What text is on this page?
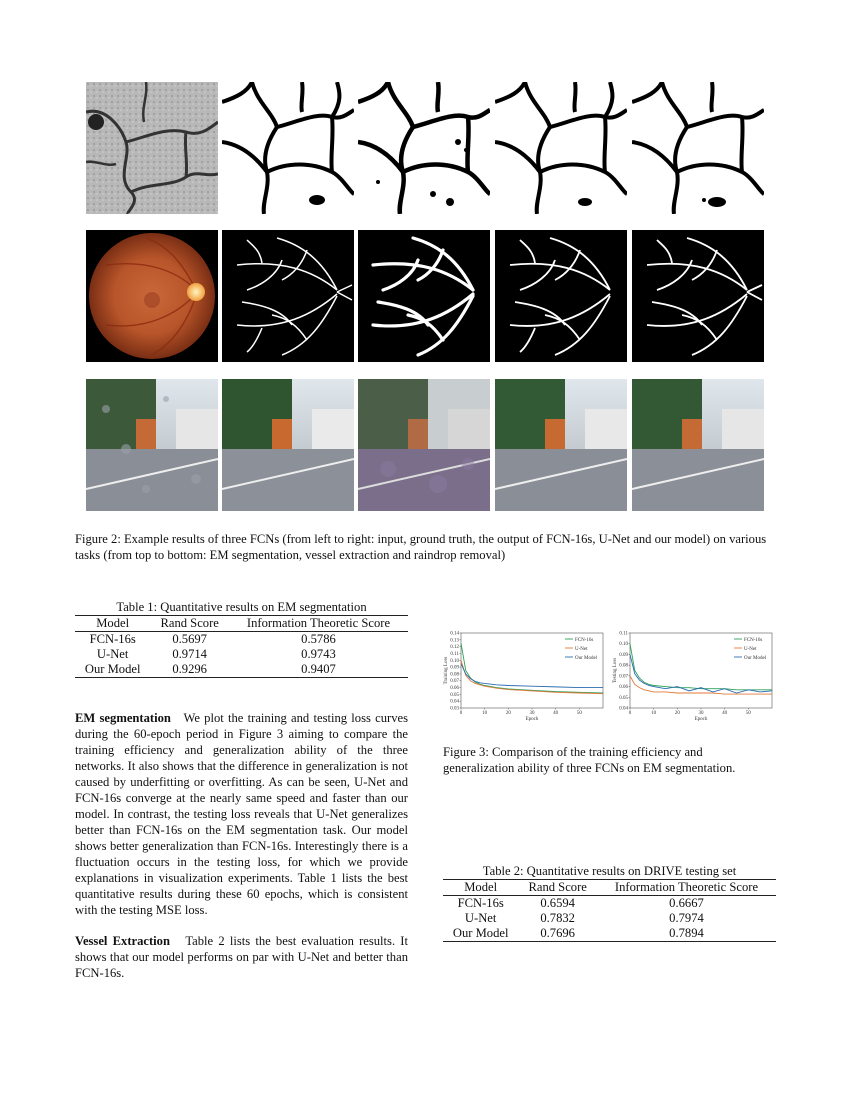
Figure 2: Example results of three FCNs (from left to right: input, ground truth, the output of FCN-16s, U-Net and our model) on various tasks (from top to bottom: EM segmentation, vessel extraction and raindrop removal)
Table 1: Quantitative results on EM segmentation
Model	Rand Score	Information Theoretic Score
FCN-16s	0.5697	0.5786
U-Net	0.9714	0.9743
Our Model	0.9296	0.9407
EM segmentation We plot the training and testing loss curves during the 60-epoch period in Figure 3 aiming to compare the training efficiency and generalization ability of the three networks. It also shows that the difference in generalization is not caused by underfitting or overfitting. As can be seen, U-Net and FCN-16s converge at the nearly same speed and faster than our model. In contrast, the testing loss reveals that U-Net generalizes better than FCN-16s on the EM segmentation task. Our model shows better generalization than FCN-16s. Interestingly there is a fluctuation occurs in the testing loss, for which we provide explanations in visualization experiments. Table 1 lists the best quantitative results during these 60 epochs, which is consistent with the testing MSE loss.
Vessel Extraction Table 2 lists the best evaluation results. It shows that our model performs on par with U-Net and better than FCN-16s.
0	10	20	30	40	50
0.03
0.04
0.05
0.06
0.07
0.08
0.09
0.10
0.11
0.12
0.13
0.14
Epoch
Training Loss
FCN-16s
U-Net
Our Model
0	10	20	30	40	50
0.04
0.05
0.06
0.07
0.08
0.09
0.10
0.11
Epoch
Testing Loss
FCN-16s
U-Net
Our Model
Figure 3: Comparison of the training efficiency and generalization ability of three FCNs on EM segmentation.
Table 2: Quantitative results on DRIVE testing set
Model	Rand Score	Information Theoretic Score
FCN-16s	0.6594	0.6667
U-Net	0.7832	0.7974
Our Model	0.7696	0.7894
